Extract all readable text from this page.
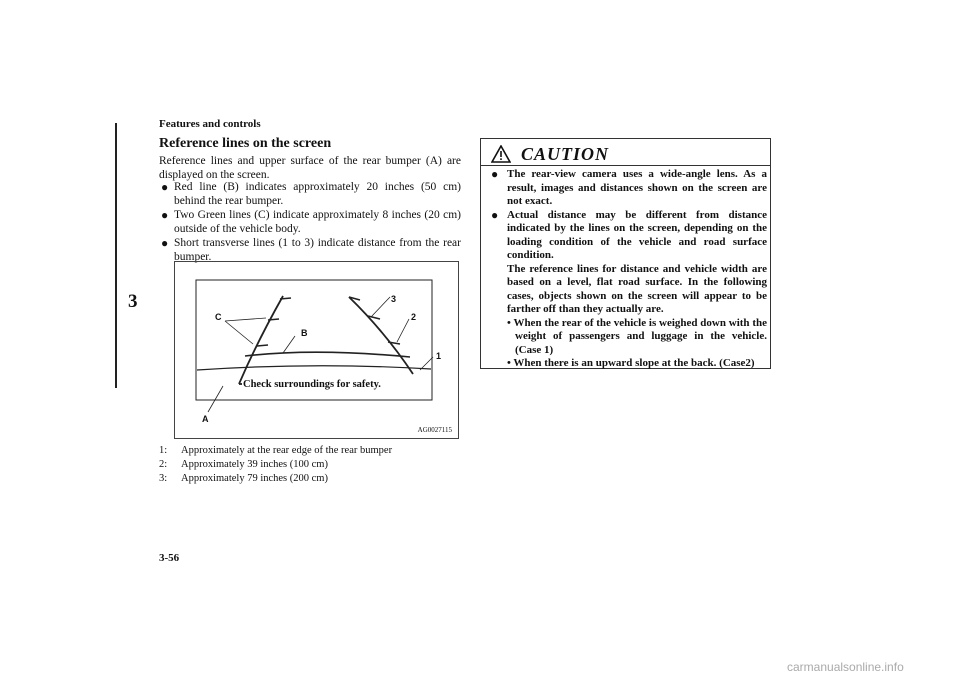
Features and controls
3
Reference lines on the screen
Reference lines and upper surface of the rear bumper (A) are displayed on the screen.
● Red line (B) indicates approximately 20 inches (50 cm) behind the rear bumper.
● Two Green lines (C) indicate approximately 8 inches (20 cm) outside of the vehicle body.
● Short transverse lines (1 to 3) indicate distance from the rear bumper.
C
B
3
2
1
A
Check surroundings for safety.
AG0027115
1:	Approximately at the rear edge of the rear bumper
2:	Approximately 39 inches (100 cm)
3:	Approximately 79 inches (200 cm)
CAUTION
● The rear-view camera uses a wide-angle lens. As a result, images and distances shown on the screen are not exact.
● Actual distance may be different from distance indicated by the lines on the screen, depending on the loading condition of the vehicle and road surface condition.
The reference lines for distance and vehicle width are based on a level, flat road surface. In the following cases, objects shown on the screen will appear to be farther off than they actually are.
• When the rear of the vehicle is weighed down with the weight of passengers and luggage in the vehicle. (Case 1)
• When there is an upward slope at the back. (Case2)
3-56
carmanualsonline.info
